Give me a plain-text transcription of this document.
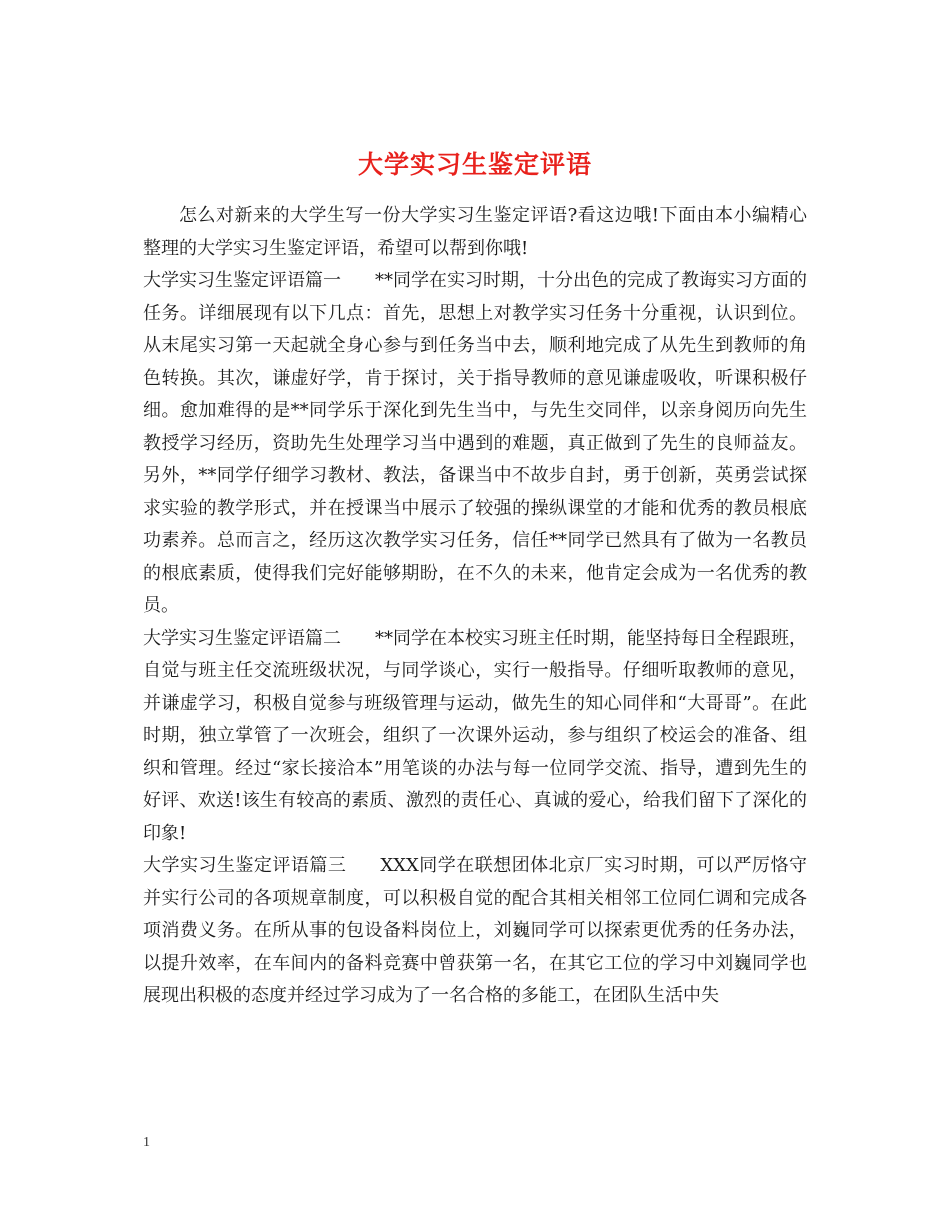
大学实习生鉴定评语

怎么对新来的大学生写一份大学实习生鉴定评语?看这边哦!下面由本小编精心整理的大学实习生鉴定评语，希望可以帮到你哦!

大学实习生鉴定评语篇一 **同学在实习时期，十分出色的完成了教诲实习方面的任务。详细展现有以下几点：首先，思想上对教学实习任务十分重视，认识到位。从末尾实习第一天起就全身心参与到任务当中去，顺利地完成了从先生到教师的角色转换。其次，谦虚好学，肯于探讨，关于指导教师的意见谦虚吸收，听课积极仔细。愈加难得的是**同学乐于深化到先生当中，与先生交同伴，以亲身阅历向先生教授学习经历，资助先生处理学习当中遇到的难题，真正做到了先生的良师益友。另外，**同学仔细学习教材、教法，备课当中不故步自封，勇于创新，英勇尝试探求实验的教学形式，并在授课当中展示了较强的操纵课堂的才能和优秀的教员根底功素养。总而言之，经历这次教学实习任务，信任**同学已然具有了做为一名教员的根底素质，使得我们完好能够期盼，在不久的未来，他肯定会成为一名优秀的教员。

大学实习生鉴定评语篇二 **同学在本校实习班主任时期，能坚持每日全程跟班，自觉与班主任交流班级状况，与同学谈心，实行一般指导。仔细听取教师的意见，并谦虚学习，积极自觉参与班级管理与运动，做先生的知心同伴和“大哥哥”。在此时期，独立掌管了一次班会，组织了一次课外运动，参与组织了校运会的准备、组织和管理。经过“家长接洽本”用笔谈的办法与每一位同学交流、指导，遭到先生的好评、欢送!该生有较高的素质、激烈的责任心、真诚的爱心，给我们留下了深化的印象!

大学实习生鉴定评语篇三 XXX同学在联想团体北京厂实习时期，可以严厉恪守并实行公司的各项规章制度，可以积极自觉的配合其相关相邻工位同仁调和完成各项消费义务。在所从事的包设备料岗位上，刘巍同学可以探索更优秀的任务办法，以提升效率，在车间内的备料竞赛中曾获第一名，在其它工位的学习中刘巍同学也展现出积极的态度并经过学习成为了一名合格的多能工，在团队生活中失

1
